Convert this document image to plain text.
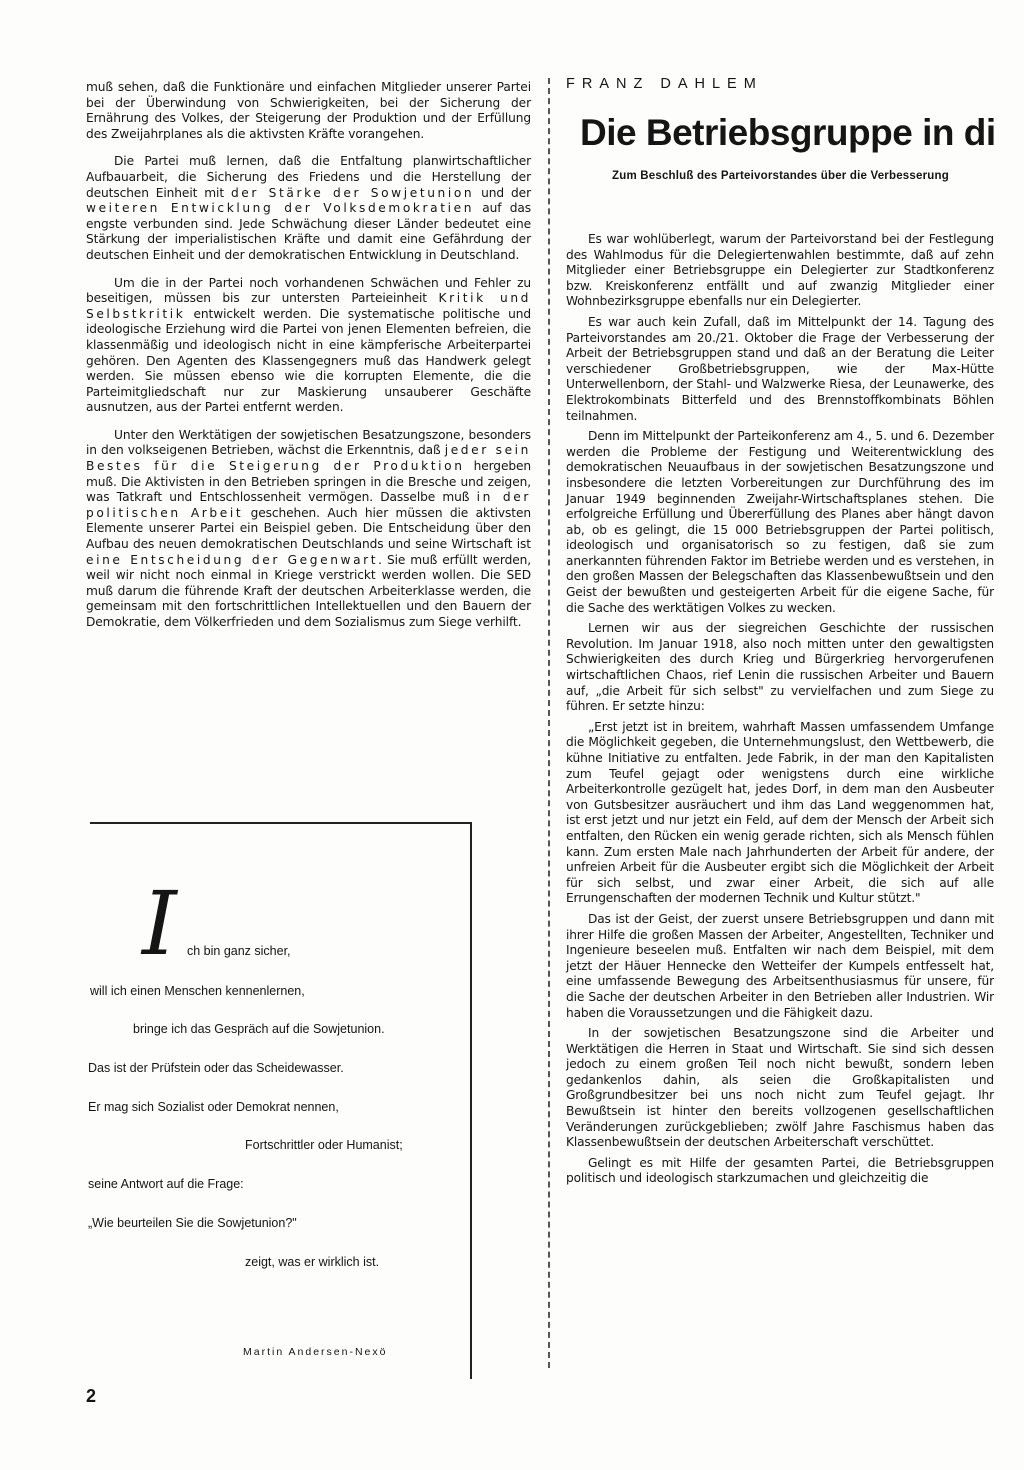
muß sehen, daß die Funktionäre und einfachen Mitglieder unserer Partei bei der Überwindung von Schwierigkeiten, bei der Sicherung der Ernährung des Volkes, der Steigerung der Produktion und der Erfüllung des Zweijahrplanes als die aktivsten Kräfte vorangehen.

Die Partei muß lernen, daß die Entfaltung planwirtschaftlicher Aufbauarbeit, die Sicherung des Friedens und die Herstellung der deutschen Einheit mit der Stärke der Sowjetunion und der weiteren Entwicklung der Volksdemokratien auf das engste verbunden sind. Jede Schwächung dieser Länder bedeutet eine Stärkung der imperialistischen Kräfte und damit eine Gefährdung der deutschen Einheit und der demokratischen Entwicklung in Deutschland.

Um die in der Partei noch vorhandenen Schwächen und Fehler zu beseitigen, müssen bis zur untersten Parteieinheit Kritik und Selbstkritik entwickelt werden. Die systematische politische und ideologische Erziehung wird die Partei von jenen Elementen befreien, die klassenmäßig und ideologisch nicht in eine kämpferische Arbeiterpartei gehören. Den Agenten des Klassengegners muß das Handwerk gelegt werden. Sie müssen ebenso wie die korrupten Elemente, die die Parteimitgliedschaft nur zur Maskierung unsauberer Geschäfte ausnutzen, aus der Partei entfernt werden.

Unter den Werktätigen der sowjetischen Besatzungszone, besonders in den volkseigenen Betrieben, wächst die Erkenntnis, daß jeder sein Bestes für die Steigerung der Produktion hergeben muß. Die Aktivisten in den Betrieben springen in die Bresche und zeigen, was Tatkraft und Entschlossenheit vermögen. Dasselbe muß in der politischen Arbeit geschehen. Auch hier müssen die aktivsten Elemente unserer Partei ein Beispiel geben. Die Entscheidung über den Aufbau des neuen demokratischen Deutschlands und seine Wirtschaft ist eine Entscheidung der Gegenwart. Sie muß erfüllt werden, weil wir nicht noch einmal in Kriege verstrickt werden wollen. Die SED muß darum die führende Kraft der deutschen Arbeiterklasse werden, die gemeinsam mit den fortschrittlichen Intellektuellen und den Bauern der Demokratie, dem Völkerfrieden und dem Sozialismus zum Siege verhilft.

I ch bin ganz sicher,
will ich einen Menschen kennenlernen,
bringe ich das Gespräch auf die Sowjetunion.
Das ist der Prüfstein oder das Scheidewasser.
Er mag sich Sozialist oder Demokrat nennen,
Fortschrittler oder Humanist;
seine Antwort auf die Frage:
„Wie beurteilen Sie die Sowjetunion?"
zeigt, was er wirklich ist.
Martin Andersen-Nexö
2
FRANZ DAHLEM
Die Betriebsgruppe in di
Zum Beschluß des Parteivorstandes über die Verbesserung

Es war wohlüberlegt, warum der Parteivorstand bei der Festlegung des Wahlmodus für die Delegiertenwahlen bestimmte, daß auf zehn Mitglieder einer Betriebsgruppe ein Delegierter zur Stadtkonferenz bzw. Kreiskonferenz entfällt und auf zwanzig Mitglieder einer Wohnbezirksgruppe ebenfalls nur ein Delegierter.

Es war auch kein Zufall, daß im Mittelpunkt der 14. Tagung des Parteivorstandes am 20./21. Oktober die Frage der Verbesserung der Arbeit der Betriebsgruppen stand und daß an der Beratung die Leiter verschiedener Großbetriebsgruppen, wie der Max-Hütte Unterwellenborn, der Stahl- und Walzwerke Riesa, der Leunawerke, des Elektrokombinats Bitterfeld und des Brennstoffkombinats Böhlen teilnahmen.

Denn im Mittelpunkt der Parteikonferenz am 4., 5. und 6. Dezember werden die Probleme der Festigung und Weiterentwicklung des demokratischen Neuaufbaus in der sowjetischen Besatzungszone und insbesondere die letzten Vorbereitungen zur Durchführung des im Januar 1949 beginnenden Zweijahr-Wirtschaftsplanes stehen. Die erfolgreiche Erfüllung und Übererfüllung des Planes aber hängt davon ab, ob es gelingt, die 15 000 Betriebsgruppen der Partei politisch, ideologisch und organisatorisch so zu festigen, daß sie zum anerkannten führenden Faktor im Betriebe werden und es verstehen, in den großen Massen der Belegschaften das Klassenbewußtsein und den Geist der bewußten und gesteigerten Arbeit für die eigene Sache, für die Sache des werktätigen Volkes zu wecken.

Lernen wir aus der siegreichen Geschichte der russischen Revolution. Im Januar 1918, also noch mitten unter den gewaltigsten Schwierigkeiten des durch Krieg und Bürgerkrieg hervorgerufenen wirtschaftlichen Chaos, rief Lenin die russischen Arbeiter und Bauern auf, „die Arbeit für sich selbst" zu vervielfachen und zum Siege zu führen. Er setzte hinzu:

„Erst jetzt ist in breitem, wahrhaft Massen umfassendem Umfange die Möglichkeit gegeben, die Unternehmungslust, den Wettbewerb, die kühne Initiative zu entfalten. Jede Fabrik, in der man den Kapitalisten zum Teufel gejagt oder wenigstens durch eine wirkliche Arbeiterkontrolle gezügelt hat, jedes Dorf, in dem man den Ausbeuter von Gutsbesitzer ausräuchert und ihm das Land weggenommen hat, ist erst jetzt und nur jetzt ein Feld, auf dem der Mensch der Arbeit sich entfalten, den Rücken ein wenig gerade richten, sich als Mensch fühlen kann. Zum ersten Male nach Jahrhunderten der Arbeit für andere, der unfreien Arbeit für die Ausbeuter ergibt sich die Möglichkeit der Arbeit für sich selbst, und zwar einer Arbeit, die sich auf alle Errungenschaften der modernen Technik und Kultur stützt."

Das ist der Geist, der zuerst unsere Betriebsgruppen und dann mit ihrer Hilfe die großen Massen der Arbeiter, Angestellten, Techniker und Ingenieure beseelen muß. Entfalten wir nach dem Beispiel, mit dem jetzt der Häuer Hennecke den Wetteifer der Kumpels entfesselt hat, eine umfassende Bewegung des Arbeitsenthusiasmus für unsere, für die Sache der deutschen Arbeiter in den Betrieben aller Industrien. Wir haben die Voraussetzungen und die Fähigkeit dazu.

In der sowjetischen Besatzungszone sind die Arbeiter und Werktätigen die Herren in Staat und Wirtschaft. Sie sind sich dessen jedoch zu einem großen Teil noch nicht bewußt, sondern leben gedankenlos dahin, als seien die Großkapitalisten und Großgrundbesitzer bei uns noch nicht zum Teufel gejagt. Ihr Bewußtsein ist hinter den bereits vollzogenen gesellschaftlichen Veränderungen zurückgeblieben; zwölf Jahre Faschismus haben das Klassenbewußtsein der deutschen Arbeiterschaft verschüttet.

Gelingt es mit Hilfe der gesamten Partei, die Betriebsgruppen politisch und ideologisch starkzumachen und gleichzeitig die
